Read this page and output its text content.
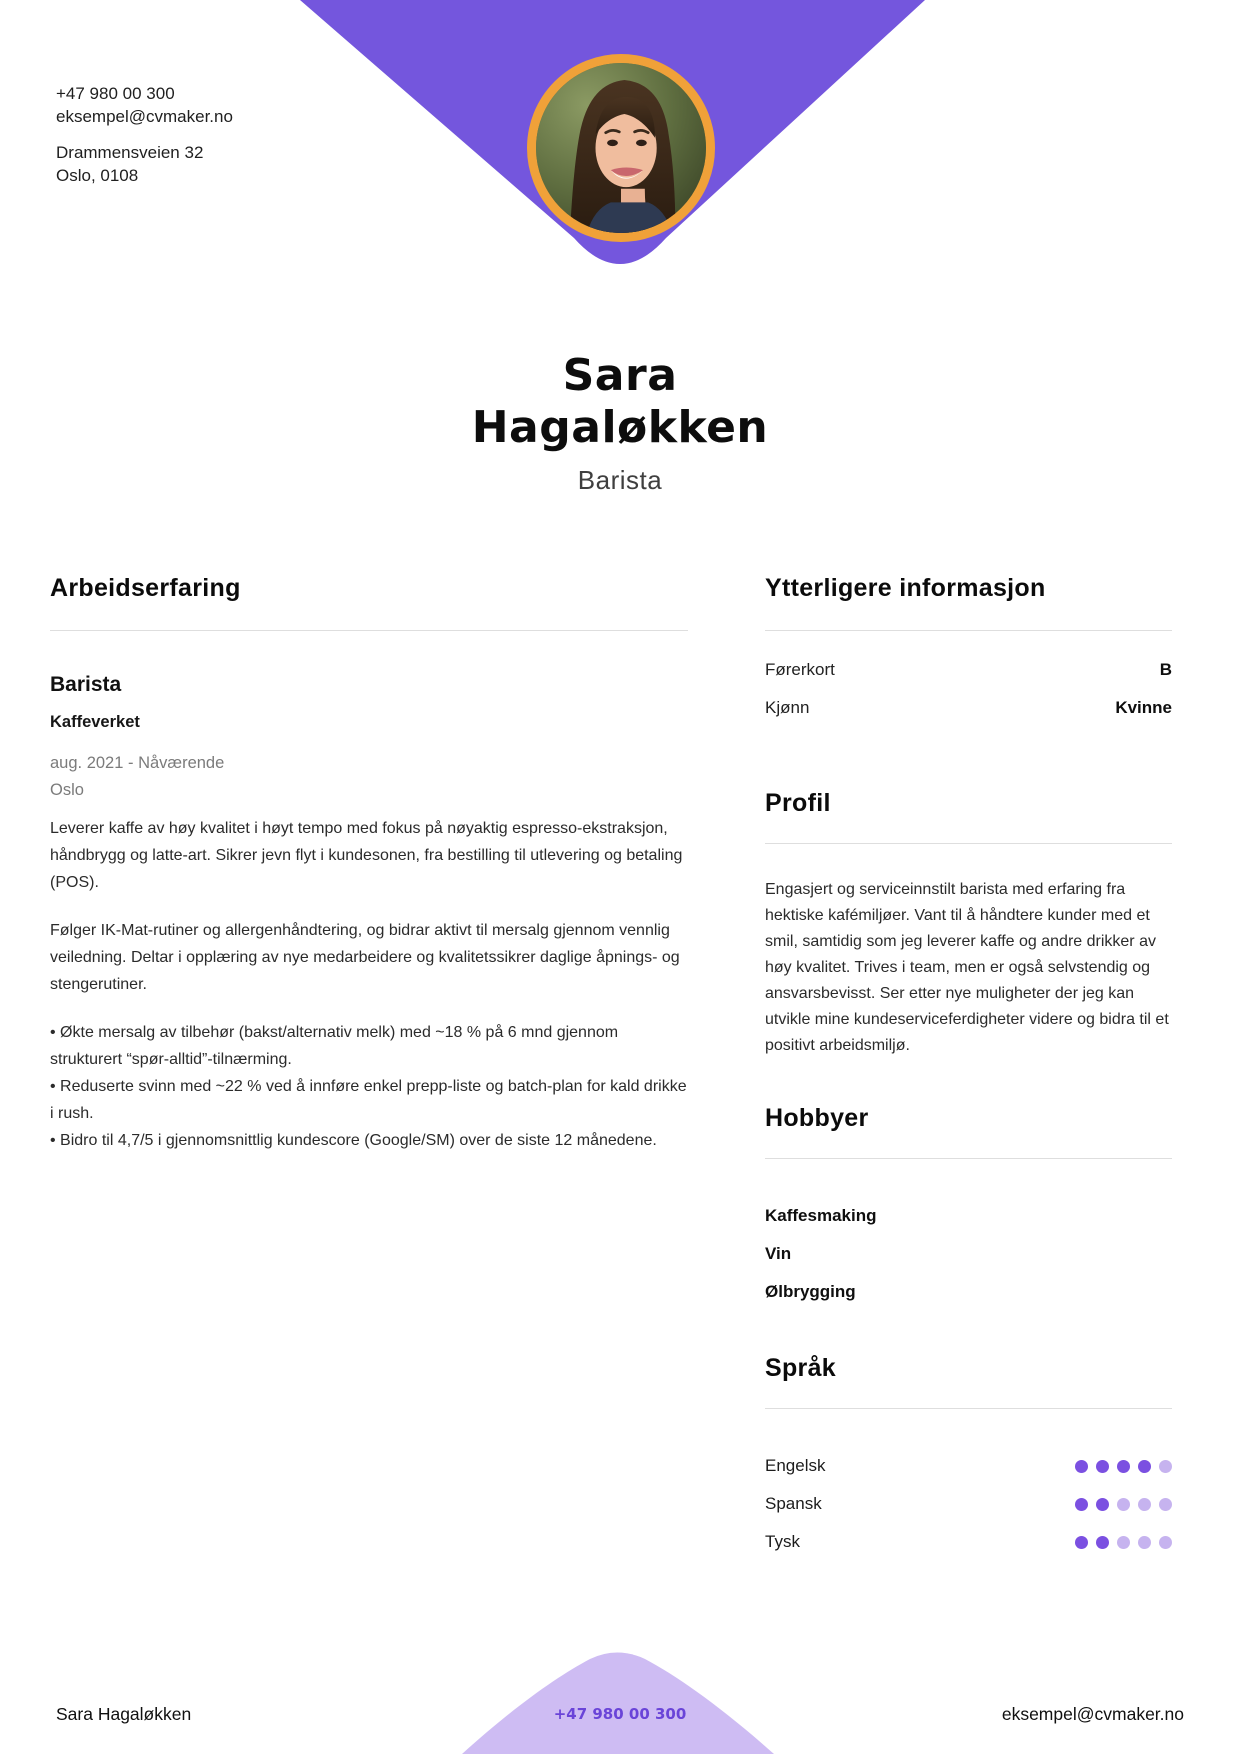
+47 980 00 300
eksempel@cvmaker.no
Drammensveien 32
Oslo, 0108
Sara
Hagaløkken
Barista
Arbeidserfaring
Barista
Kaffeverket
aug. 2021 - Nåværende
Oslo

Leverer kaffe av høy kvalitet i høyt tempo med fokus på nøyaktig espresso-ekstraksjon, håndbrygg og latte-art. Sikrer jevn flyt i kundesonen, fra bestilling til utlevering og betaling (POS).

Følger IK-Mat-rutiner og allergenhåndtering, og bidrar aktivt til mersalg gjennom vennlig veiledning. Deltar i opplæring av nye medarbeidere og kvalitetssikrer daglige åpnings- og stengerutiner.

• Økte mersalg av tilbehør (bakst/alternativ melk) med ~18 % på 6 mnd gjennom strukturert “spør-alltid”-tilnærming.
• Reduserte svinn med ~22 % ved å innføre enkel prepp-liste og batch-plan for kald drikke i rush.
• Bidro til 4,7/5 i gjennomsnittlig kundescore (Google/SM) over de siste 12 månedene.
Ytterligere informasjon
Førerkort	B
Kjønn	Kvinne
Profil

Engasjert og serviceinnstilt barista med erfaring fra hektiske kafémiljøer. Vant til å håndtere kunder med et smil, samtidig som jeg leverer kaffe og andre drikker av høy kvalitet. Trives i team, men er også selvstendig og ansvarsbevisst. Ser etter nye muligheter der jeg kan utvikle mine kundeserviceferdigheter videre og bidra til et positivt arbeidsmiljø.

Hobbyer
Kaffesmaking
Vin
Ølbrygging
Språk
Engelsk
Spansk
Tysk
Sara Hagaløkken	+47 980 00 300	eksempel@cvmaker.no
